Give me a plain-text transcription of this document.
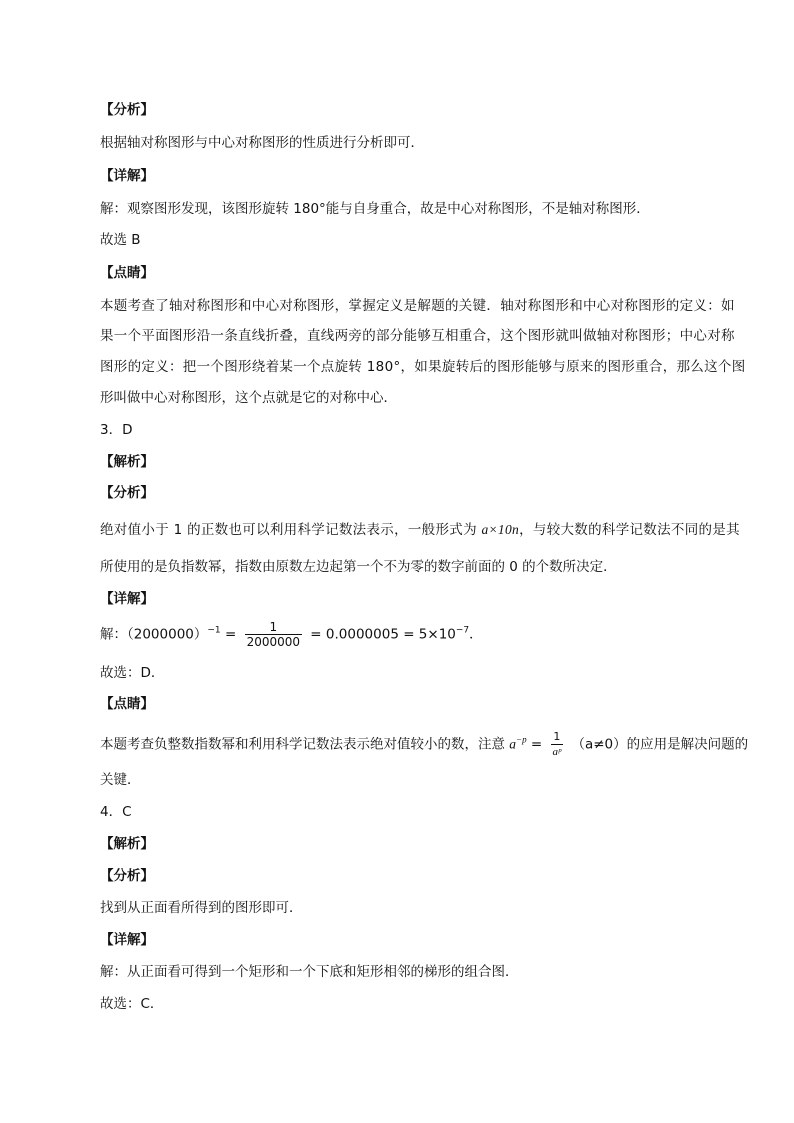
【分析】
根据轴对称图形与中心对称图形的性质进行分析即可．
【详解】
解：观察图形发现，该图形旋转 180°能与自身重合，故是中心对称图形，不是轴对称图形．
故选 B
【点睛】
本题考查了轴对称图形和中心对称图形，掌握定义是解题的关键．轴对称图形和中心对称图形的定义：如
果一个平面图形沿一条直线折叠，直线两旁的部分能够互相重合，这个图形就叫做轴对称图形；中心对称
图形的定义：把一个图形绕着某一个点旋转 180°，如果旋转后的图形能够与原来的图形重合，那么这个图
形叫做中心对称图形，这个点就是它的对称中心．
3．D
【解析】
【分析】
绝对值小于 1 的正数也可以利用科学记数法表示，一般形式为 a×10n，与较大数的科学记数法不同的是其
所使用的是负指数幂，指数由原数左边起第一个不为零的数字前面的 0 的个数所决定．
【详解】
解：$(2000000)^{-1} = \frac{1}{2000000} = 0.0000005 = 5\times 10^{-7}$．
故选：D．
【点睛】
本题考查负整数指数幂和利用科学记数法表示绝对值较小的数，注意 $a^{-p} = \frac{1}{\text{aᵖ}} (a\ne 0)$的应用是解决问题的
关键．
4．C
【解析】
【分析】
找到从正面看所得到的图形即可．
【详解】
解：从正面看可得到一个矩形和一个下底和矩形相邻的梯形的组合图．
故选：C．
